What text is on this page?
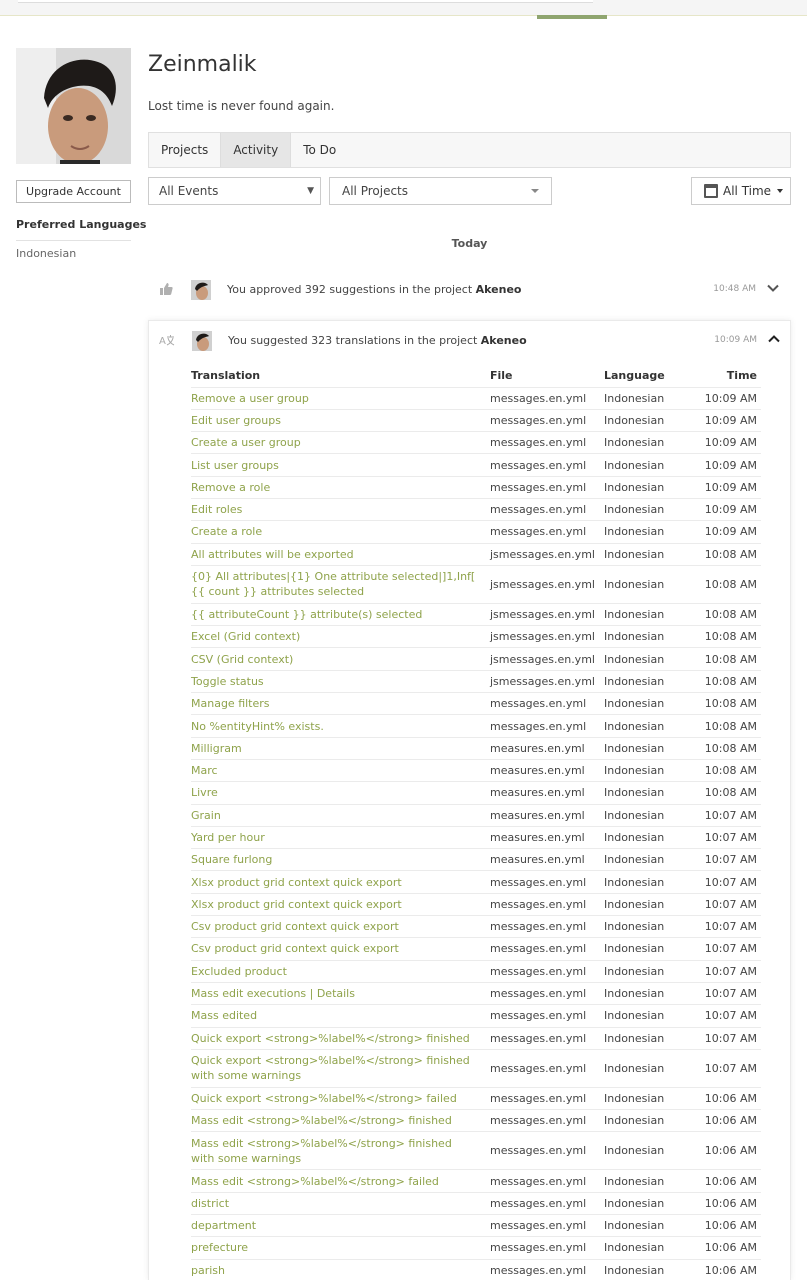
Upgrade Account
Preferred Languages
Indonesian
Zeinmalik
Lost time is never found again.
Projects	Activity	To Do
All Events	▼	All Projects	All Time
Today
You approved 392 suggestions in the project Akeneo	10:48 AM
A	You suggested 323 translations in the project Akeneo	10:09 AM
Translation	File	Language	Time
Remove a user group	messages.en.yml	Indonesian	10:09 AM
Edit user groups	messages.en.yml	Indonesian	10:09 AM
Create a user group	messages.en.yml	Indonesian	10:09 AM
List user groups	messages.en.yml	Indonesian	10:09 AM
Remove a role	messages.en.yml	Indonesian	10:09 AM
Edit roles	messages.en.yml	Indonesian	10:09 AM
Create a role	messages.en.yml	Indonesian	10:09 AM
All attributes will be exported	jsmessages.en.yml	Indonesian	10:08 AM
{0} All attributes|{1} One attribute selected|]1,Inf[ {{ count }} attributes selected	jsmessages.en.yml	Indonesian	10:08 AM
{{ attributeCount }} attribute(s) selected	jsmessages.en.yml	Indonesian	10:08 AM
Excel (Grid context)	jsmessages.en.yml	Indonesian	10:08 AM
CSV (Grid context)	jsmessages.en.yml	Indonesian	10:08 AM
Toggle status	jsmessages.en.yml	Indonesian	10:08 AM
Manage filters	messages.en.yml	Indonesian	10:08 AM
No %entityHint% exists.	messages.en.yml	Indonesian	10:08 AM
Milligram	measures.en.yml	Indonesian	10:08 AM
Marc	measures.en.yml	Indonesian	10:08 AM
Livre	measures.en.yml	Indonesian	10:08 AM
Grain	measures.en.yml	Indonesian	10:07 AM
Yard per hour	measures.en.yml	Indonesian	10:07 AM
Square furlong	measures.en.yml	Indonesian	10:07 AM
Xlsx product grid context quick export	messages.en.yml	Indonesian	10:07 AM
Xlsx product grid context quick export	messages.en.yml	Indonesian	10:07 AM
Csv product grid context quick export	messages.en.yml	Indonesian	10:07 AM
Csv product grid context quick export	messages.en.yml	Indonesian	10:07 AM
Excluded product	messages.en.yml	Indonesian	10:07 AM
Mass edit executions | Details	messages.en.yml	Indonesian	10:07 AM
Mass edited	messages.en.yml	Indonesian	10:07 AM
Quick export <strong>%label%</strong> finished	messages.en.yml	Indonesian	10:07 AM
Quick export <strong>%label%</strong> finished with some warnings	messages.en.yml	Indonesian	10:07 AM
Quick export <strong>%label%</strong> failed	messages.en.yml	Indonesian	10:06 AM
Mass edit <strong>%label%</strong> finished	messages.en.yml	Indonesian	10:06 AM
Mass edit <strong>%label%</strong> finished with some warnings	messages.en.yml	Indonesian	10:06 AM
Mass edit <strong>%label%</strong> failed	messages.en.yml	Indonesian	10:06 AM
district	messages.en.yml	Indonesian	10:06 AM
department	messages.en.yml	Indonesian	10:06 AM
prefecture	messages.en.yml	Indonesian	10:06 AM
parish	messages.en.yml	Indonesian	10:06 AM
